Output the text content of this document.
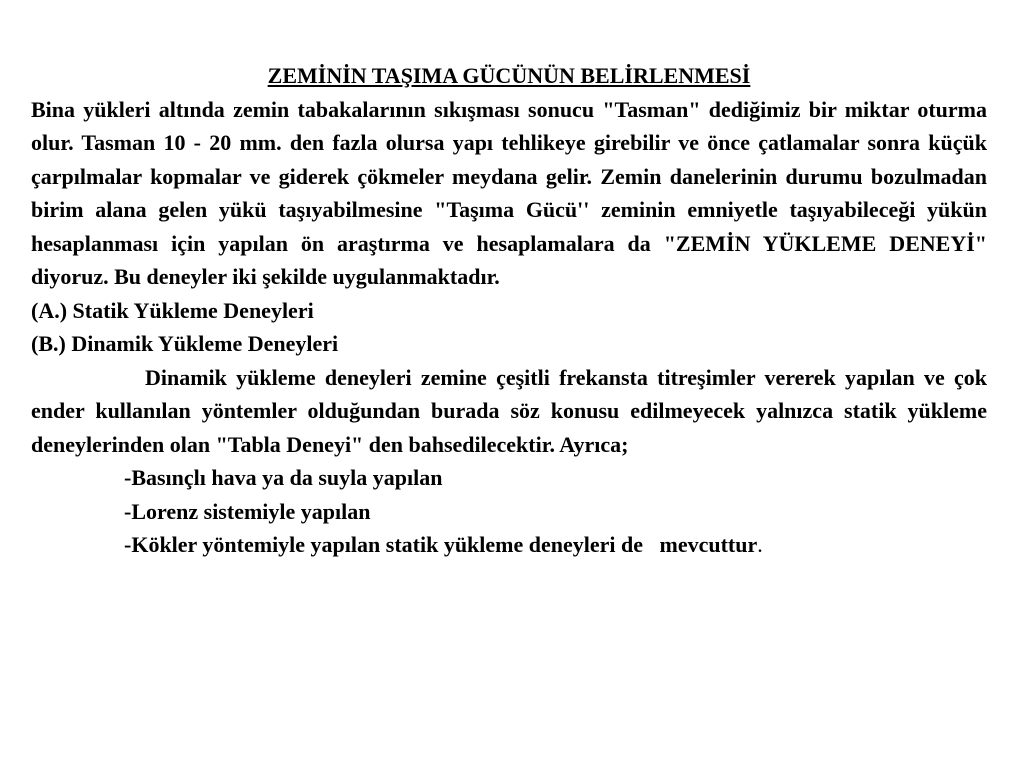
ZEMİNİN TAŞIMA GÜCÜNÜN BELİRLENMESİ

Bina yükleri altında zemin tabakalarının sıkışması sonucu "Tasman" dediğimiz bir miktar oturma olur. Tasman 10 - 20 mm. den fazla olursa yapı tehlikeye girebilir ve önce çatlamalar sonra küçük çarpılmalar kopmalar ve giderek çökmeler meydana gelir. Zemin danelerinin durumu bozulmadan birim alana gelen yükü taşıyabilmesine "Taşıma Gücü'' zeminin emniyetle taşıyabileceği yükün hesaplanması için yapılan ön araştırma ve hesaplamalara da "ZEMİN YÜKLEME DENEYİ" diyoruz. Bu deneyler iki şekilde uygulanmaktadır.

(A.) Statik Yükleme Deneyleri

(B.) Dinamik Yükleme Deneyleri

Dinamik yükleme deneyleri zemine çeşitli frekansta titreşimler vererek yapılan ve çok ender kullanılan yöntemler olduğundan burada söz konusu edilmeyecek yalnızca statik yükleme deneylerinden olan "Tabla Deneyi" den bahsedilecektir. Ayrıca;

-Basınçlı hava ya da suyla yapılan

-Lorenz sistemiyle yapılan

-Kökler yöntemiyle yapılan statik yükleme deneyleri de   mevcuttur.
